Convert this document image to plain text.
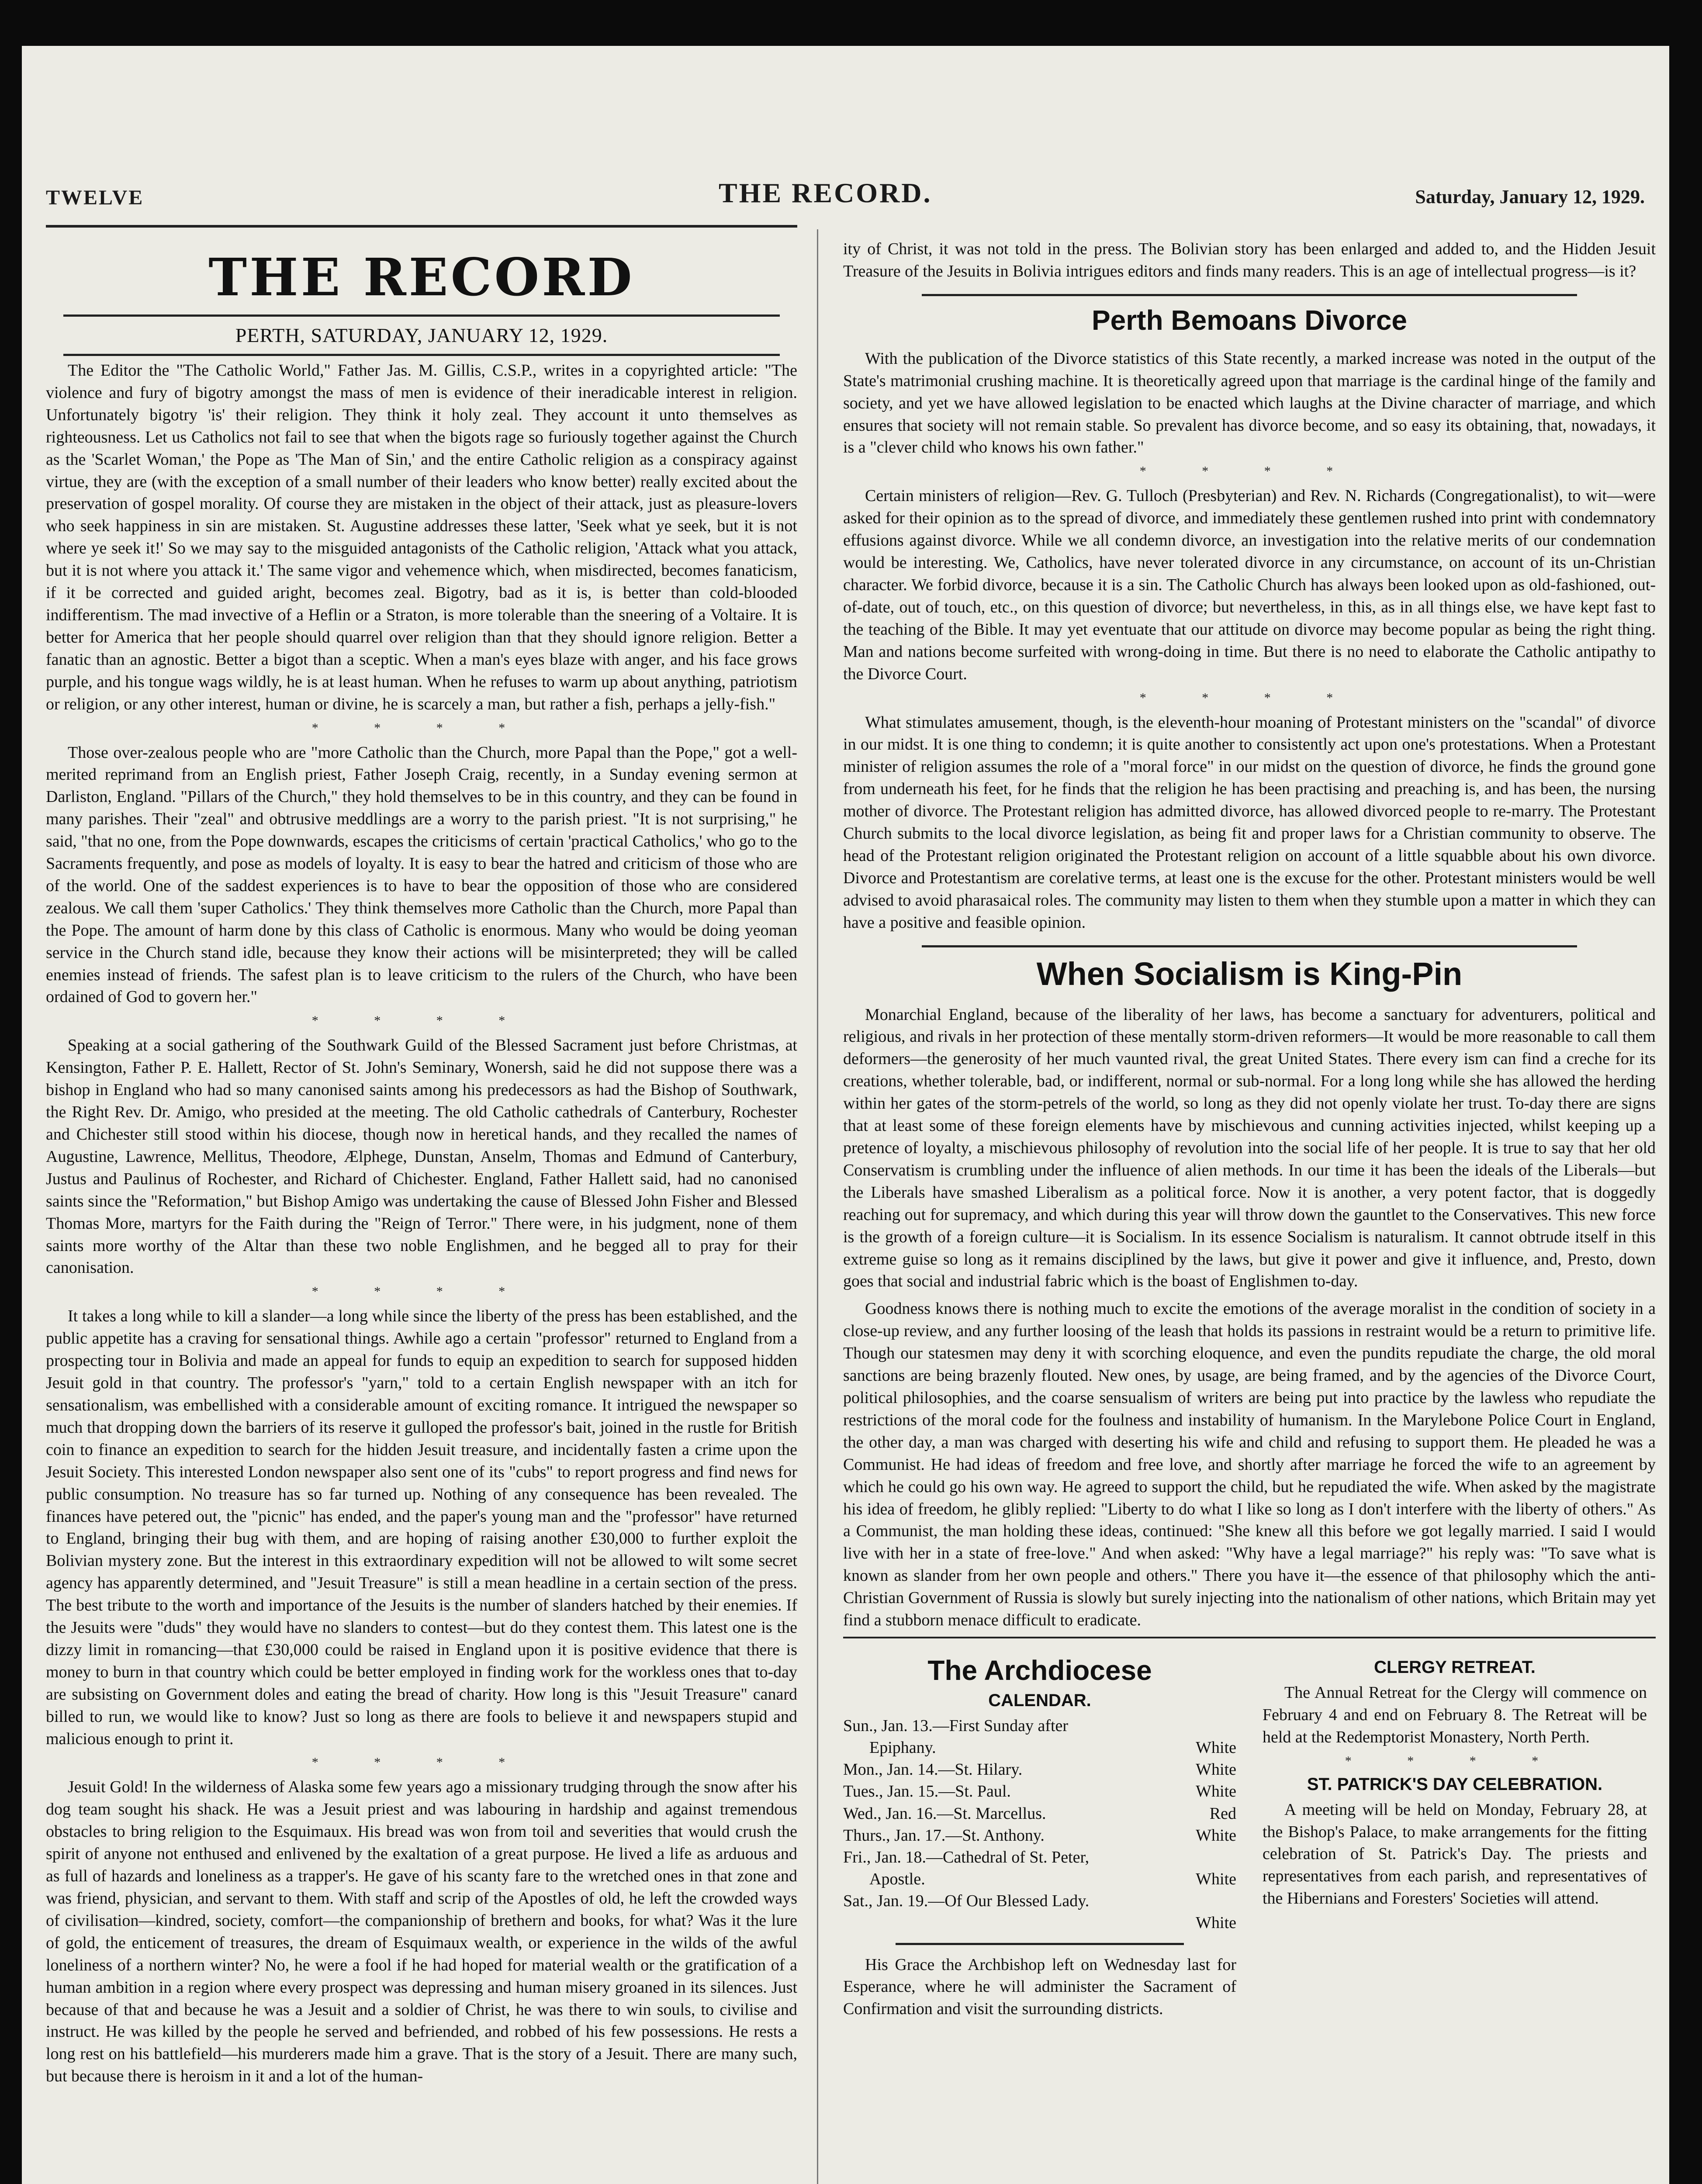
TWELVE	THE RECORD.	Saturday, January 12, 1929.
THE RECORD
PERTH, SATURDAY, JANUARY 12, 1929.

The Editor the "The Catholic World," Father Jas. M. Gillis, C.S.P., writes in a copyrighted article: "The violence and fury of bigotry amongst the mass of men is evidence of their ineradicable interest in religion. Unfortunately bigotry 'is' their religion. They think it holy zeal. They account it unto themselves as righteousness. Let us Catholics not fail to see that when the bigots rage so furiously together against the Church as the 'Scarlet Woman,' the Pope as 'The Man of Sin,' and the entire Catholic religion as a conspiracy against virtue, they are (with the exception of a small number of their leaders who know better) really excited about the preservation of gospel morality. Of course they are mistaken in the object of their attack, just as pleasure-lovers who seek happiness in sin are mistaken. St. Augustine addresses these latter, 'Seek what ye seek, but it is not where ye seek it!' So we may say to the misguided antagonists of the Catholic religion, 'Attack what you attack, but it is not where you attack it.' The same vigor and vehemence which, when misdirected, becomes fanaticism, if it be corrected and guided aright, becomes zeal. Bigotry, bad as it is, is better than cold-blooded indifferentism. The mad invective of a Heflin or a Straton, is more tolerable than the sneering of a Voltaire. It is better for America that her people should quarrel over religion than that they should ignore religion. Better a fanatic than an agnostic. Better a bigot than a sceptic. When a man's eyes blaze with anger, and his face grows purple, and his tongue wags wildly, he is at least human. When he refuses to warm up about anything, patriotism or religion, or any other interest, human or divine, he is scarcely a man, but rather a fish, perhaps a jelly-fish."

* * * *

Those over-zealous people who are "more Catholic than the Church, more Papal than the Pope," got a well-merited reprimand from an English priest, Father Joseph Craig, recently, in a Sunday evening sermon at Darliston, England. "Pillars of the Church," they hold themselves to be in this country, and they can be found in many parishes. Their "zeal" and obtrusive meddlings are a worry to the parish priest. "It is not surprising," he said, "that no one, from the Pope downwards, escapes the criticisms of certain 'practical Catholics,' who go to the Sacraments frequently, and pose as models of loyalty. It is easy to bear the hatred and criticism of those who are of the world. One of the saddest experiences is to have to bear the opposition of those who are considered zealous. We call them 'super Catholics.' They think themselves more Catholic than the Church, more Papal than the Pope. The amount of harm done by this class of Catholic is enormous. Many who would be doing yeoman service in the Church stand idle, because they know their actions will be misinterpreted; they will be called enemies instead of friends. The safest plan is to leave criticism to the rulers of the Church, who have been ordained of God to govern her."

* * * *

Speaking at a social gathering of the Southwark Guild of the Blessed Sacrament just before Christmas, at Kensington, Father P. E. Hallett, Rector of St. John's Seminary, Wonersh, said he did not suppose there was a bishop in England who had so many canonised saints among his predecessors as had the Bishop of Southwark, the Right Rev. Dr. Amigo, who presided at the meeting. The old Catholic cathedrals of Canterbury, Rochester and Chichester still stood within his diocese, though now in heretical hands, and they recalled the names of Augustine, Lawrence, Mellitus, Theodore, Ælphege, Dunstan, Anselm, Thomas and Edmund of Canterbury, Justus and Paulinus of Rochester, and Richard of Chichester. England, Father Hallett said, had no canonised saints since the "Reformation," but Bishop Amigo was undertaking the cause of Blessed John Fisher and Blessed Thomas More, martyrs for the Faith during the "Reign of Terror." There were, in his judgment, none of them saints more worthy of the Altar than these two noble Englishmen, and he begged all to pray for their canonisation.

* * * *

It takes a long while to kill a slander—a long while since the liberty of the press has been established, and the public appetite has a craving for sensational things. Awhile ago a certain "professor" returned to England from a prospecting tour in Bolivia and made an appeal for funds to equip an expedition to search for supposed hidden Jesuit gold in that country. The professor's "yarn," told to a certain English newspaper with an itch for sensationalism, was embellished with a considerable amount of exciting romance. It intrigued the newspaper so much that dropping down the barriers of its reserve it gulloped the professor's bait, joined in the rustle for British coin to finance an expedition to search for the hidden Jesuit treasure, and incidentally fasten a crime upon the Jesuit Society. This interested London newspaper also sent one of its "cubs" to report progress and find news for public consumption. No treasure has so far turned up. Nothing of any consequence has been revealed. The finances have petered out, the "picnic" has ended, and the paper's young man and the "professor" have returned to England, bringing their bug with them, and are hoping of raising another £30,000 to further exploit the Bolivian mystery zone. But the interest in this extraordinary expedition will not be allowed to wilt some secret agency has apparently determined, and "Jesuit Treasure" is still a mean headline in a certain section of the press. The best tribute to the worth and importance of the Jesuits is the number of slanders hatched by their enemies. If the Jesuits were "duds" they would have no slanders to contest—but do they contest them. This latest one is the dizzy limit in romancing—that £30,000 could be raised in England upon it is positive evidence that there is money to burn in that country which could be better employed in finding work for the workless ones that to-day are subsisting on Government doles and eating the bread of charity. How long is this "Jesuit Treasure" canard billed to run, we would like to know? Just so long as there are fools to believe it and newspapers stupid and malicious enough to print it.

* * * *

Jesuit Gold! In the wilderness of Alaska some few years ago a missionary trudging through the snow after his dog team sought his shack. He was a Jesuit priest and was labouring in hardship and against tremendous obstacles to bring religion to the Esquimaux. His bread was won from toil and severities that would crush the spirit of anyone not enthused and enlivened by the exaltation of a great purpose. He lived a life as arduous and as full of hazards and loneliness as a trapper's. He gave of his scanty fare to the wretched ones in that zone and was friend, physician, and servant to them. With staff and scrip of the Apostles of old, he left the crowded ways of civilisation—kindred, society, comfort—the companionship of brethern and books, for what? Was it the lure of gold, the enticement of treasures, the dream of Esquimaux wealth, or experience in the wilds of the awful loneliness of a northern winter? No, he were a fool if he had hoped for material wealth or the gratification of a human ambition in a region where every prospect was depressing and human misery groaned in its silences. Just because of that and because he was a Jesuit and a soldier of Christ, he was there to win souls, to civilise and instruct. He was killed by the people he served and befriended, and robbed of his few possessions. He rests a long rest on his battlefield—his murderers made him a grave. That is the story of a Jesuit. There are many such, but because there is heroism in it and a lot of the human-

ity of Christ, it was not told in the press. The Bolivian story has been enlarged and added to, and the Hidden Jesuit Treasure of the Jesuits in Bolivia intrigues editors and finds many readers. This is an age of intellectual progress—is it?

Perth Bemoans Divorce

With the publication of the Divorce statistics of this State recently, a marked increase was noted in the output of the State's matrimonial crushing machine. It is theoretically agreed upon that marriage is the cardinal hinge of the family and society, and yet we have allowed legislation to be enacted which laughs at the Divine character of marriage, and which ensures that society will not remain stable. So prevalent has divorce become, and so easy its obtaining, that, nowadays, it is a "clever child who knows his own father."

* * * *

Certain ministers of religion—Rev. G. Tulloch (Presbyterian) and Rev. N. Richards (Congregationalist), to wit—were asked for their opinion as to the spread of divorce, and immediately these gentlemen rushed into print with condemnatory effusions against divorce. While we all condemn divorce, an investigation into the relative merits of our condemnation would be interesting. We, Catholics, have never tolerated divorce in any circumstance, on account of its un-Christian character. We forbid divorce, because it is a sin. The Catholic Church has always been looked upon as old-fashioned, out-of-date, out of touch, etc., on this question of divorce; but nevertheless, in this, as in all things else, we have kept fast to the teaching of the Bible. It may yet eventuate that our attitude on divorce may become popular as being the right thing. Man and nations become surfeited with wrong-doing in time. But there is no need to elaborate the Catholic antipathy to the Divorce Court.

* * * *

What stimulates amusement, though, is the eleventh-hour moaning of Protestant ministers on the "scandal" of divorce in our midst. It is one thing to condemn; it is quite another to consistently act upon one's protestations. When a Protestant minister of religion assumes the role of a "moral force" in our midst on the question of divorce, he finds the ground gone from underneath his feet, for he finds that the religion he has been practising and preaching is, and has been, the nursing mother of divorce. The Protestant religion has admitted divorce, has allowed divorced people to re-marry. The Protestant Church submits to the local divorce legislation, as being fit and proper laws for a Christian community to observe. The head of the Protestant religion originated the Protestant religion on account of a little squabble about his own divorce. Divorce and Protestantism are corelative terms, at least one is the excuse for the other. Protestant ministers would be well advised to avoid pharasaical roles. The community may listen to them when they stumble upon a matter in which they can have a positive and feasible opinion.

When Socialism is King-Pin

Monarchial England, because of the liberality of her laws, has become a sanctuary for adventurers, political and religious, and rivals in her protection of these mentally storm-driven reformers—It would be more reasonable to call them deformers—the generosity of her much vaunted rival, the great United States. There every ism can find a creche for its creations, whether tolerable, bad, or indifferent, normal or sub-normal. For a long long while she has allowed the herding within her gates of the storm-petrels of the world, so long as they did not openly violate her trust. To-day there are signs that at least some of these foreign elements have by mischievous and cunning activities injected, whilst keeping up a pretence of loyalty, a mischievous philosophy of revolution into the social life of her people. It is true to say that her old Conservatism is crumbling under the influence of alien methods. In our time it has been the ideals of the Liberals—but the Liberals have smashed Liberalism as a political force. Now it is another, a very potent factor, that is doggedly reaching out for supremacy, and which during this year will throw down the gauntlet to the Conservatives. This new force is the growth of a foreign culture—it is Socialism. In its essence Socialism is naturalism. It cannot obtrude itself in this extreme guise so long as it remains disciplined by the laws, but give it power and give it influence, and, Presto, down goes that social and industrial fabric which is the boast of Englishmen to-day.

Goodness knows there is nothing much to excite the emotions of the average moralist in the condition of society in a close-up review, and any further loosing of the leash that holds its passions in restraint would be a return to primitive life. Though our statesmen may deny it with scorching eloquence, and even the pundits repudiate the charge, the old moral sanctions are being brazenly flouted. New ones, by usage, are being framed, and by the agencies of the Divorce Court, political philosophies, and the coarse sensualism of writers are being put into practice by the lawless who repudiate the restrictions of the moral code for the foulness and instability of humanism. In the Marylebone Police Court in England, the other day, a man was charged with deserting his wife and child and refusing to support them. He pleaded he was a Communist. He had ideas of freedom and free love, and shortly after marriage he forced the wife to an agreement by which he could go his own way. He agreed to support the child, but he repudiated the wife. When asked by the magistrate his idea of freedom, he glibly replied: "Liberty to do what I like so long as I don't interfere with the liberty of others." As a Communist, the man holding these ideas, continued: "She knew all this before we got legally married. I said I would live with her in a state of free-love." And when asked: "Why have a legal marriage?" his reply was: "To save what is known as slander from her own people and others." There you have it—the essence of that philosophy which the anti-Christian Government of Russia is slowly but surely injecting into the nationalism of other nations, which Britain may yet find a stubborn menace difficult to eradicate.

The Archdiocese
CALENDAR.
Sun., Jan. 13.—First Sunday after
Epiphany.	White
Mon., Jan. 14.—St. Hilary.	White
Tues., Jan. 15.—St. Paul.	White
Wed., Jan. 16.—St. Marcellus.	Red
Thurs., Jan. 17.—St. Anthony.	White
Fri., Jan. 18.—Cathedral of St. Peter,
Apostle.	White
Sat., Jan. 19.—Of Our Blessed Lady.
White

His Grace the Archbishop left on Wednesday last for Esperance, where he will administer the Sacrament of Confirmation and visit the surrounding districts.

CLERGY RETREAT.

The Annual Retreat for the Clergy will commence on February 4 and end on February 8. The Retreat will be held at the Redemptorist Monastery, North Perth.

* * * *
ST. PATRICK'S DAY CELEBRATION.

A meeting will be held on Monday, February 28, at the Bishop's Palace, to make arrangements for the fitting celebration of St. Patrick's Day. The priests and representatives from each parish, and representatives of the Hibernians and Foresters' Societies will attend.
